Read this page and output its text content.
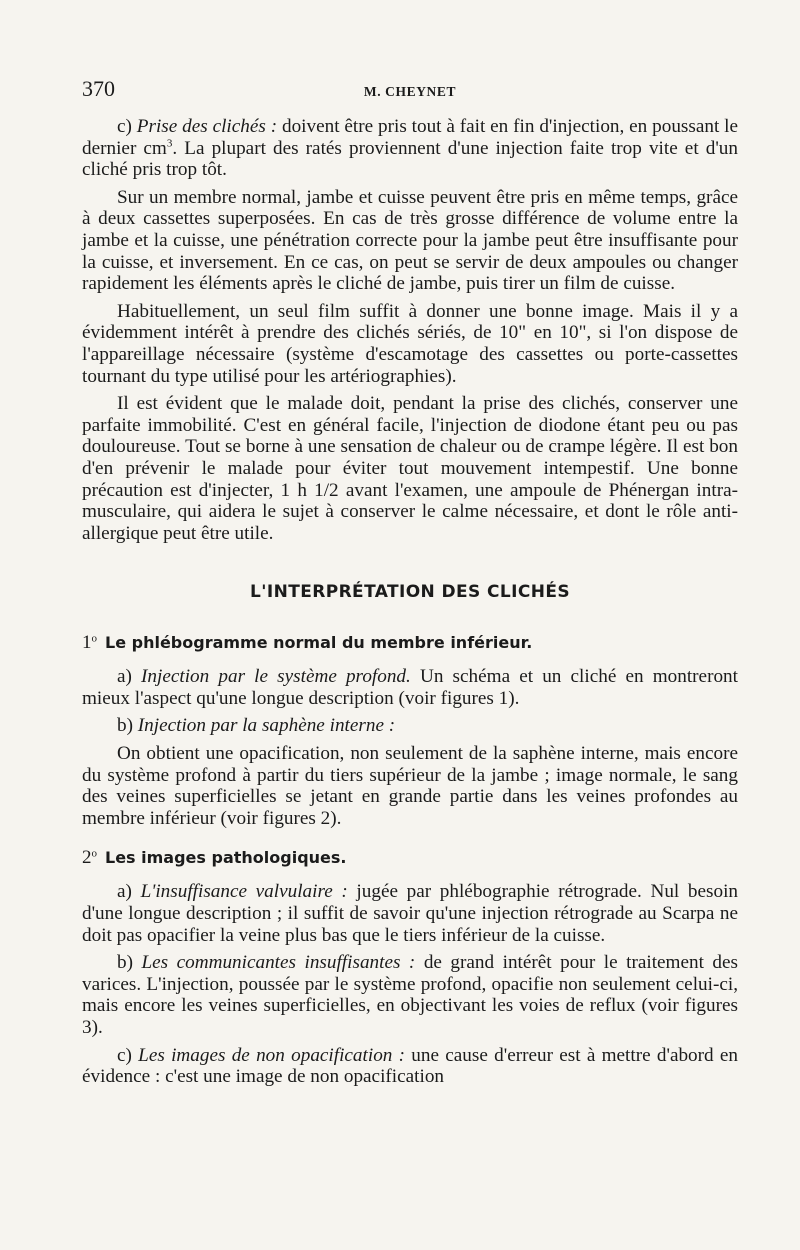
370	M. CHEYNET

c) Prise des clichés : doivent être pris tout à fait en fin d'injection, en poussant le dernier $cm^3$. La plupart des ratés proviennent d'une injection faite trop vite et d'un cliché pris trop tôt.

Sur un membre normal, jambe et cuisse peuvent être pris en même temps, grâce à deux cassettes superposées. En cas de très grosse différence de volume entre la jambe et la cuisse, une pénétration correcte pour la jambe peut être insuffisante pour la cuisse, et inversement. En ce cas, on peut se servir de deux ampoules ou changer rapidement les éléments après le cliché de jambe, puis tirer un film de cuisse.

Habituellement, un seul film suffit à donner une bonne image. Mais il y a évidemment intérêt à prendre des clichés sériés, de 10" en 10", si l'on dispose de l'appareillage nécessaire (système d'escamotage des cassettes ou porte-cassettes tournant du type utilisé pour les artériographies).

Il est évident que le malade doit, pendant la prise des clichés, conserver une parfaite immobilité. C'est en général facile, l'injection de diodone étant peu ou pas douloureuse. Tout se borne à une sensation de chaleur ou de crampe légère. Il est bon d'en prévenir le malade pour éviter tout mouvement intempestif. Une bonne précaution est d'injecter, 1 h 1/2 avant l'examen, une ampoule de Phénergan intra-musculaire, qui aidera le sujet à conserver le calme nécessaire, et dont le rôle anti-allergique peut être utile.

L'INTERPRÉTATION DES CLICHÉS
1$^o$ Le phlébogramme normal du membre inférieur.

a) Injection par le système profond. Un schéma et un cliché en montreront mieux l'aspect qu'une longue description (voir figures 1).

b) Injection par la saphène interne :

On obtient une opacification, non seulement de la saphène interne, mais encore du système profond à partir du tiers supérieur de la jambe ; image normale, le sang des veines superficielles se jetant en grande partie dans les veines profondes au membre inférieur (voir figures 2).

2$^o$ Les images pathologiques.

a) L'insuffisance valvulaire : jugée par phlébographie rétrograde. Nul besoin d'une longue description ; il suffit de savoir qu'une injection rétrograde au Scarpa ne doit pas opacifier la veine plus bas que le tiers inférieur de la cuisse.

b) Les communicantes insuffisantes : de grand intérêt pour le traitement des varices. L'injection, poussée par le système profond, opacifie non seulement celui-ci, mais encore les veines superficielles, en objectivant les voies de reflux (voir figures 3).

c) Les images de non opacification : une cause d'erreur est à mettre d'abord en évidence : c'est une image de non opacification
